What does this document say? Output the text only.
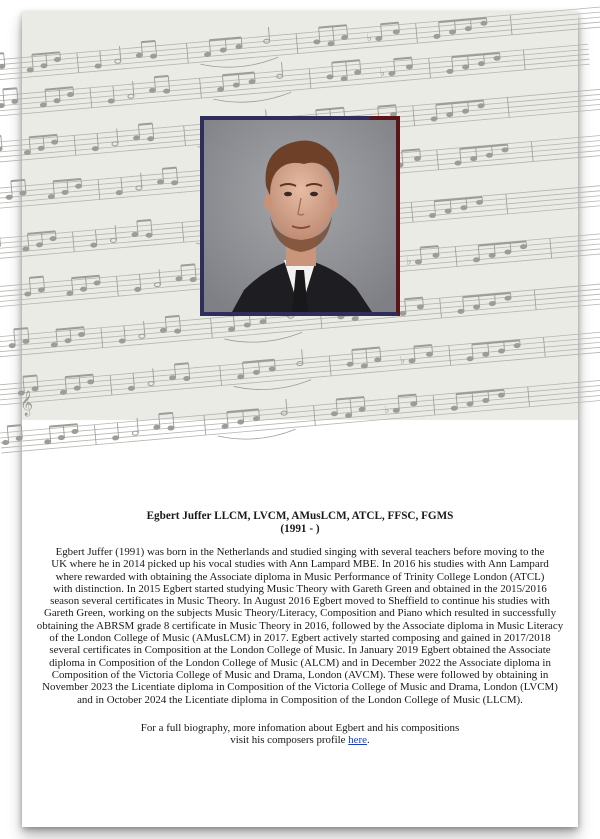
𝄞
Egbert Juffer LLCM, LVCM, AMusLCM, ATCL, FFSC, FGMS
(1991 - )
Egbert Juffer (1991) was born in the Netherlands and studied singing with several teachers before moving to the
UK where he in 2014 picked up his vocal studies with Ann Lampard MBE. In 2016 his studies with Ann Lampard
where rewarded with obtaining the Associate diploma in Music Performance of Trinity College London (ATCL)
with distinction. In 2015 Egbert started studying Music Theory with Gareth Green and obtained in the 2015/2016
season several certificates in Music Theory. In August 2016 Egbert moved to Sheffield to continue his studies with
Gareth Green, working on the subjects Music Theory/Literacy, Composition and Piano which resulted in successfully
obtaining the ABRSM grade 8 certificate in Music Theory in 2016, followed by the Associate diploma in Music Literacy
of the London College of Music (AMusLCM) in 2017. Egbert actively started composing and gained in 2017/2018
several certificates in Composition at the London College of Music. In January 2019 Egbert obtained the Associate
diploma in Composition of the London College of Music (ALCM) and in December 2022 the Associate diploma in
Composition of the Victoria College of Music and Drama, London (AVCM). These were followed by obtaining in
November 2023 the Licentiate diploma in Composition of the Victoria College of Music and Drama, London (LVCM)
and in October 2024 the Licentiate diploma in Composition of the London College of Music (LLCM).
For a full biography, more infomation about Egbert and his compositions
visit his composers profile here.
